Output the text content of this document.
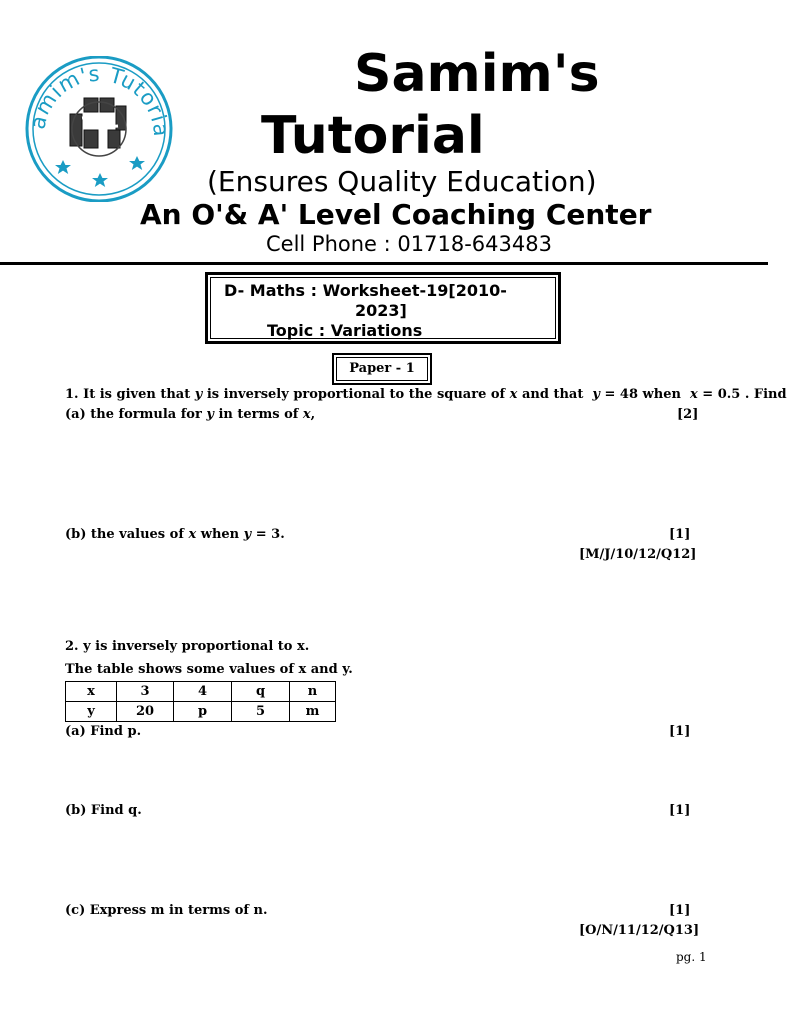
amim's Tutoria
Samim's
Tutorial
(Ensures Quality Education)
An O'& A' Level Coaching Center
Cell Phone : 01718-643483
D- Maths : Worksheet-19[2010-
2023]
Topic : Variations
Paper - 1
1. It is given that y is inversely proportional to the square of x and that y = 48 when x = 0.5 . Find
(a) the formula for y in terms of x,	[2]
(b) the values of x when y = 3.	[1]
[M/J/10/12/Q12]
2. y is inversely proportional to x.
The table shows some values of x and y.
x	3	4	q	n
y	20	p	5	m
(a) Find p.	[1]
(b) Find q.	[1]
(c) Express m in terms of n.	[1]
[O/N/11/12/Q13]
pg. 1
